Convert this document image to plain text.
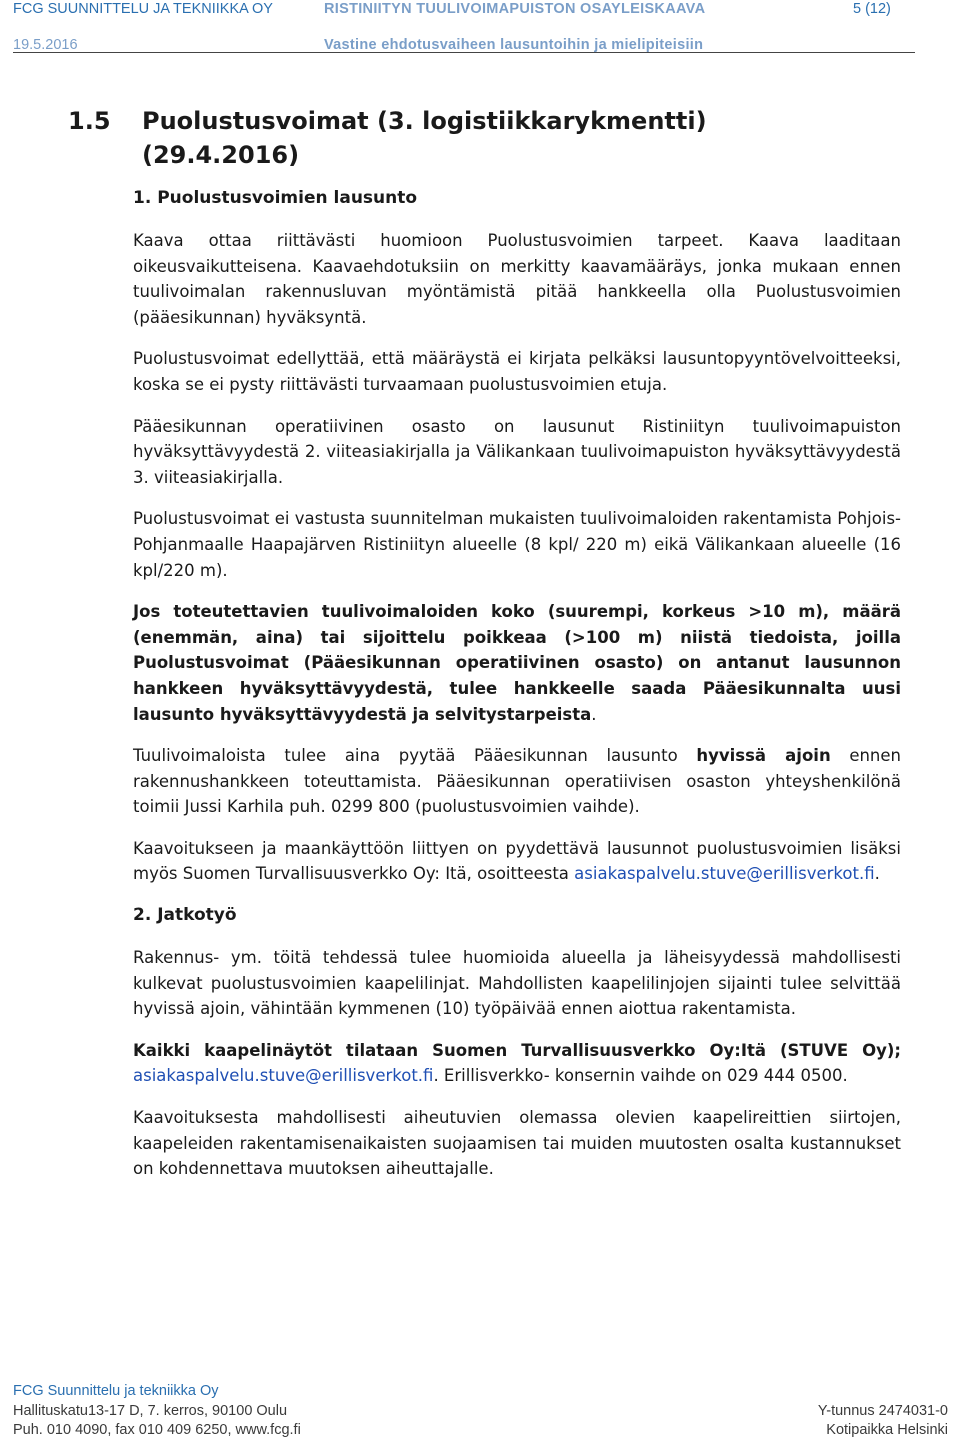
FCG SUUNNITTELU JA TEKNIIKKA OY	RISTINIITYN TUULIVOIMAPUISTON OSAYLEISKAAVA	5 (12)
19.5.2016	Vastine ehdotusvaiheen lausuntoihin ja mielipiteisiin
1.5 Puolustusvoimat (3. logistiikkarykmentti)
(29.4.2016)
1. Puolustusvoimien lausunto

Kaava ottaa riittävästi huomioon Puolustusvoimien tarpeet. Kaava laaditaan oikeusvaikutteisena. Kaavaehdotuksiin on merkitty kaavamääräys, jonka mukaan ennen tuulivoimalan rakennusluvan myöntämistä pitää hankkeella olla Puolustusvoimien (pääesikunnan) hyväksyntä.

Puolustusvoimat edellyttää, että määräystä ei kirjata pelkäksi lausuntopyyntövelvoitteeksi, koska se ei pysty riittävästi turvaamaan puolustusvoimien etuja.

Pääesikunnan operatiivinen osasto on lausunut Ristiniityn tuulivoimapuiston hyväksyttävyydestä 2. viiteasiakirjalla ja Välikankaan tuulivoimapuiston hyväksyttävyydestä 3. viiteasiakirjalla.

Puolustusvoimat ei vastusta suunnitelman mukaisten tuulivoimaloiden rakentamista Pohjois-Pohjanmaalle Haapajärven Ristiniityn alueelle (8 kpl/ 220 m) eikä Välikankaan alueelle (16 kpl/220 m).

Jos toteutettavien tuulivoimaloiden koko (suurempi, korkeus >10 m), määrä (enemmän, aina) tai sijoittelu poikkeaa (>100 m) niistä tiedoista, joilla Puolustusvoimat (Pääesikunnan operatiivinen osasto) on antanut lausunnon hankkeen hyväksyttävyydestä, tulee hankkeelle saada Pääesikunnalta uusi lausunto hyväksyttävyydestä ja selvitystarpeista.

Tuulivoimaloista tulee aina pyytää Pääesikunnan lausunto hyvissä ajoin ennen rakennushankkeen toteuttamista. Pääesikunnan operatiivisen osaston yhteyshenkilönä toimii Jussi Karhila puh. 0299 800 (puolustusvoimien vaihde).

Kaavoitukseen ja maankäyttöön liittyen on pyydettävä lausunnot puolustusvoimien lisäksi myös Suomen Turvallisuusverkko Oy: Itä, osoitteesta asiakaspalvelu.stuve@erillisverkot.fi.

2. Jatkotyö

Rakennus- ym. töitä tehdessä tulee huomioida alueella ja läheisyydessä mahdollisesti kulkevat puolustusvoimien kaapelilinjat. Mahdollisten kaapelilinjojen sijainti tulee selvittää hyvissä ajoin, vähintään kymmenen (10) työpäivää ennen aiottua rakentamista.

Kaikki kaapelinäytöt tilataan Suomen Turvallisuusverkko Oy:Itä (STUVE Oy); asiakaspalvelu.stuve@erillisverkot.fi. Erillisverkko- konsernin vaihde on 029 444 0500.

Kaavoituksesta mahdollisesti aiheutuvien olemassa olevien kaapelireittien siirtojen, kaapeleiden rakentamisenaikaisten suojaamisen tai muiden muutosten osalta kustannukset on kohdennettava muutoksen aiheuttajalle.

FCG Suunnittelu ja tekniikka Oy
Hallituskatu13-17 D, 7. kerros, 90100 Oulu
Puh. 010 4090, fax 010 409 6250, www.fcg.fi
Y-tunnus 2474031-0
Kotipaikka Helsinki
